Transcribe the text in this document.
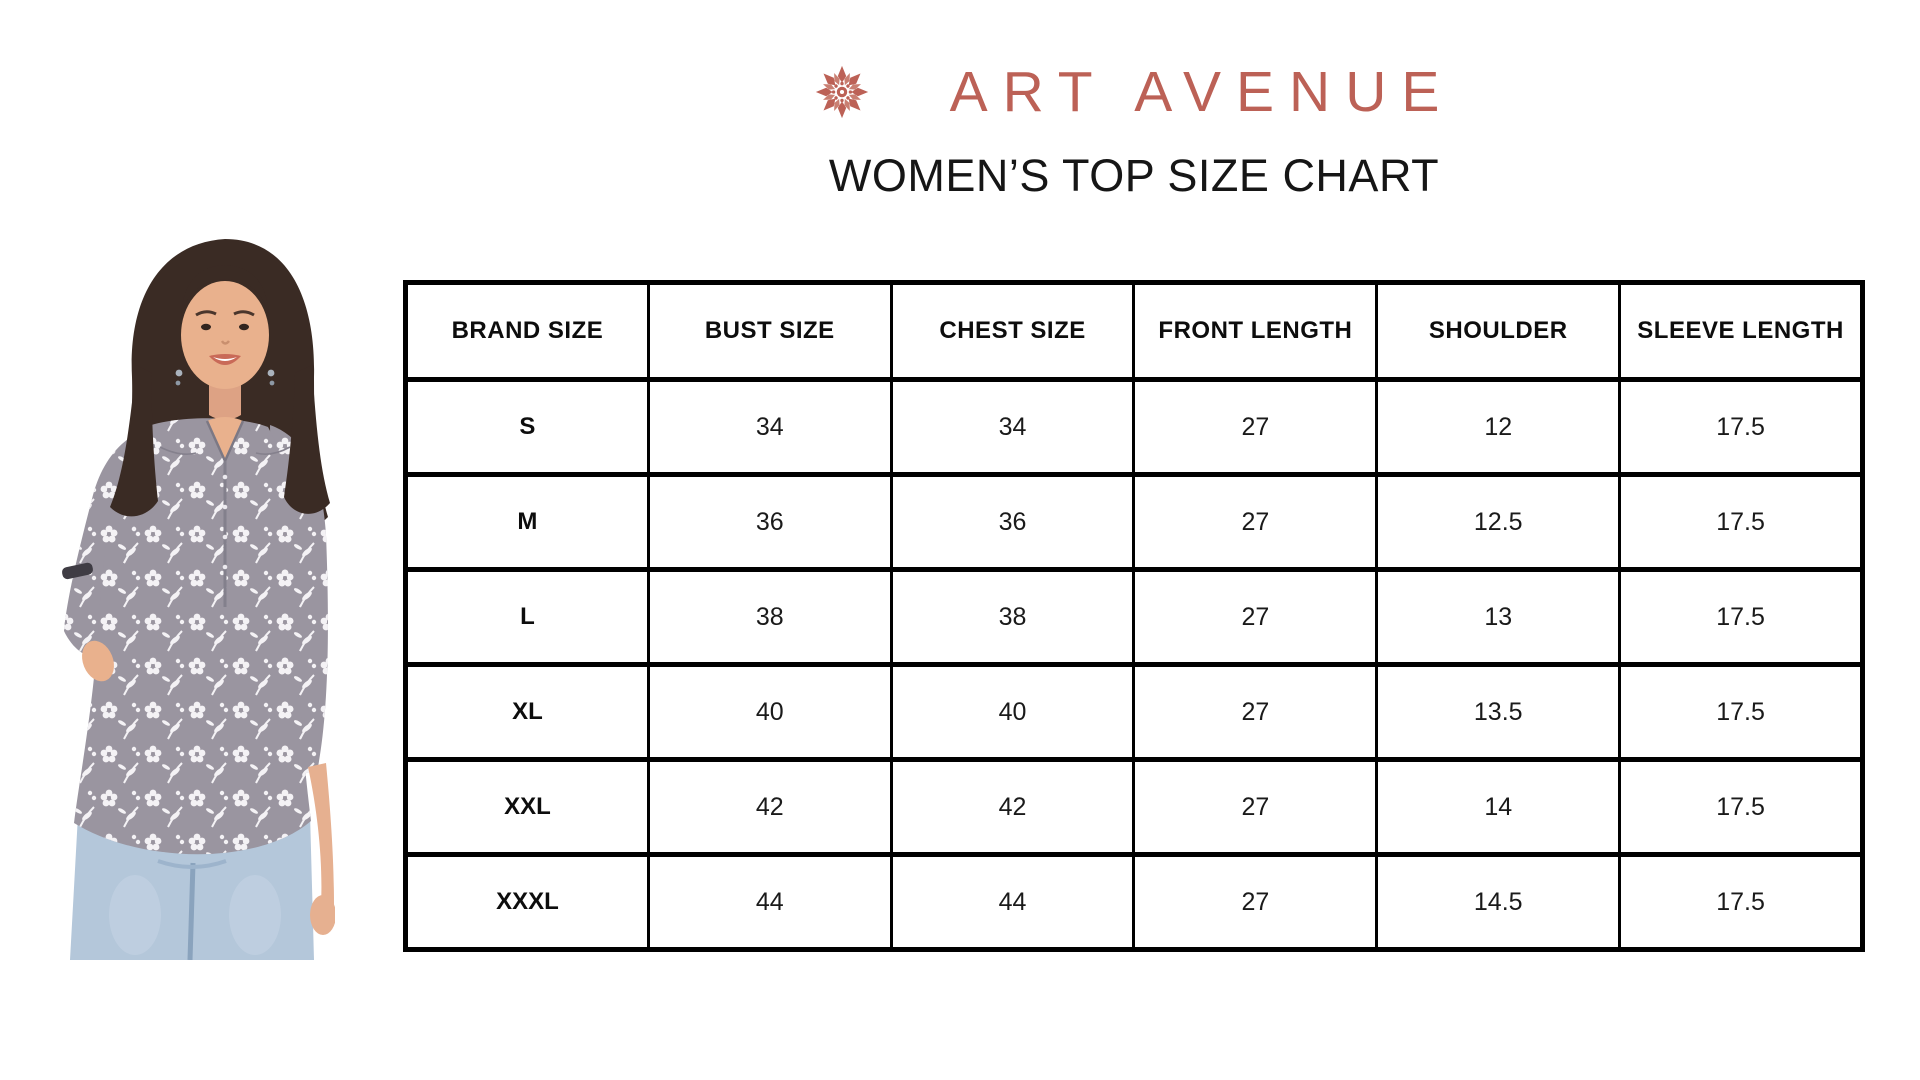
ART AVENUE
WOMEN’S TOP SIZE CHART
BRAND SIZE	BUST SIZE	CHEST SIZE	FRONT LENGTH	SHOULDER	SLEEVE LENGTH
S	34	34	27	12	17.5
M	36	36	27	12.5	17.5
L	38	38	27	13	17.5
XL	40	40	27	13.5	17.5
XXL	42	42	27	14	17.5
XXXL	44	44	27	14.5	17.5
